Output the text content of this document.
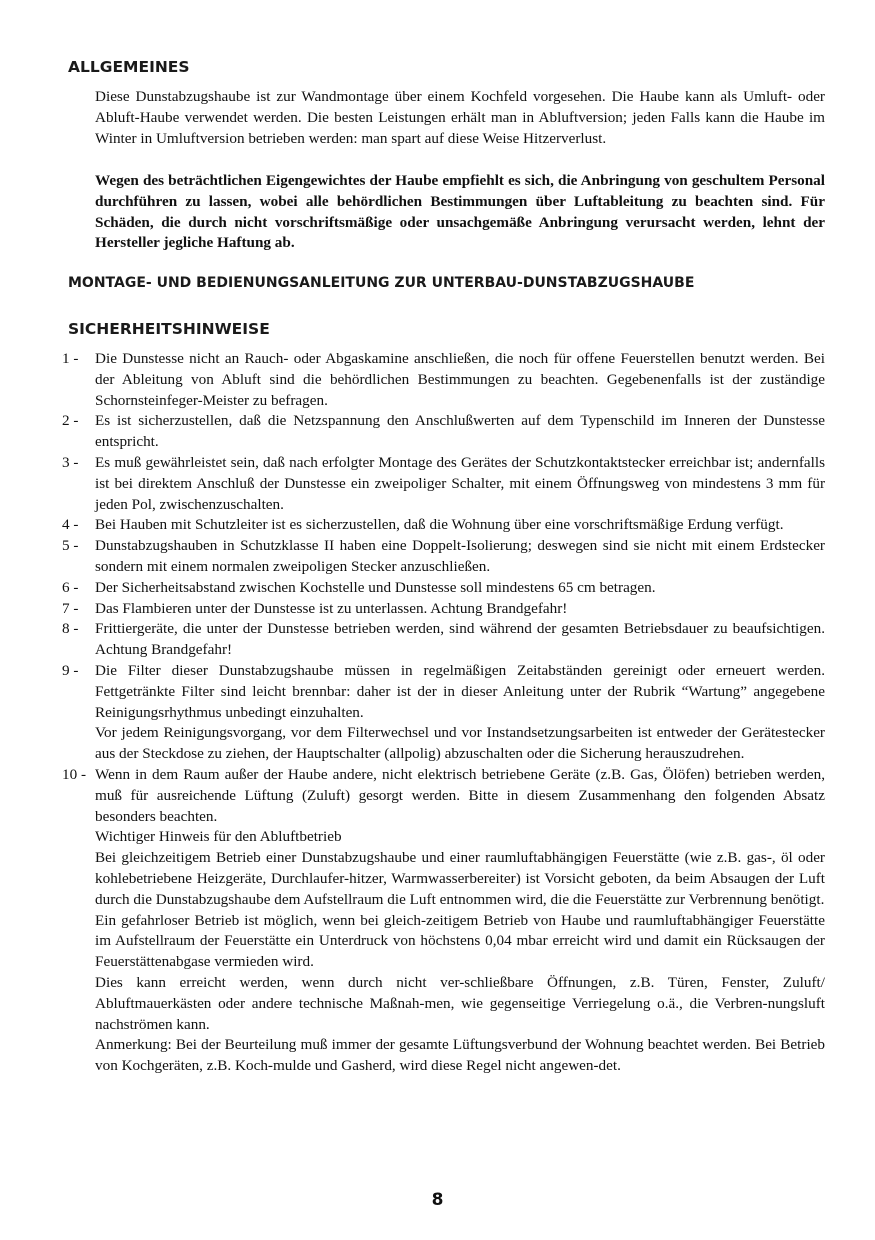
ALLGEMEINES

Diese Dunstabzugshaube ist zur Wandmontage über einem Kochfeld vorgesehen. Die Haube kann als Umluft- oder Abluft-Haube verwendet werden. Die besten Leistungen erhält man in Abluftversion; jeden Falls kann die Haube im Winter in Umluftversion betrieben werden: man spart auf diese Weise Hitzerverlust.

Wegen des beträchtlichen Eigengewichtes der Haube empfiehlt es sich, die Anbringung von geschultem Personal durchführen zu lassen, wobei alle behördlichen Bestimmungen über Luftableitung zu beachten sind. Für Schäden, die durch nicht vorschriftsmäßige oder unsachgemäße Anbringung verursacht werden, lehnt der Hersteller jegliche Haftung ab.

MONTAGE- UND BEDIENUNGSANLEITUNG ZUR UNTERBAU-DUNSTABZUGSHAUBE
SICHERHEITSHINWEISE
1 - Die Dunstesse nicht an Rauch- oder Abgaskamine anschließen, die noch für offene Feuerstellen benutzt werden. Bei der Ableitung von Abluft sind die behördlichen Bestimmungen zu beachten. Gegebenenfalls ist der zuständige Schornsteinfeger-Meister zu befragen.

2 - Es ist sicherzustellen, daß die Netzspannung den Anschlußwerten auf dem Typenschild im Inneren der Dunstesse entspricht.

3 - Es muß gewährleistet sein, daß nach erfolgter Montage des Gerätes der Schutzkontaktstecker erreichbar ist; andernfalls ist bei direktem Anschluß der Dunstesse ein zweipoliger Schalter, mit einem Öffnungsweg von mindestens 3 mm für jeden Pol, zwischenzuschalten.

4 - Bei Hauben mit Schutzleiter ist es sicherzustellen, daß die Wohnung über eine vorschriftsmäßige Erdung verfügt.

5 - Dunstabzugshauben in Schutzklasse II haben eine Doppelt-Isolierung; deswegen sind sie nicht mit einem Erdstecker sondern mit einem normalen zweipoligen Stecker anzuschließen.

6 - Der Sicherheitsabstand zwischen Kochstelle und Dunstesse soll mindestens 65 cm betragen.

7 - Das Flambieren unter der Dunstesse ist zu unterlassen. Achtung Brandgefahr!

8 - Frittiergeräte, die unter der Dunstesse betrieben werden, sind während der gesamten Betriebsdauer zu beaufsichtigen. Achtung Brandgefahr!

9 - Die Filter dieser Dunstabzugshaube müssen in regelmäßigen Zeitabständen gereinigt oder erneuert werden. Fettgetränkte Filter sind leicht brennbar: daher ist der in dieser Anleitung unter der Rubrik “Wartung” angegebene Reinigungsrhythmus unbedingt einzuhalten.

Vor jedem Reinigungsvorgang, vor dem Filterwechsel und vor Instandsetzungsarbeiten ist entweder der Gerätestecker aus der Steckdose zu ziehen, der Hauptschalter (allpolig) abzuschalten oder die Sicherung herauszudrehen.

10 - Wenn in dem Raum außer der Haube andere, nicht elektrisch betriebene Geräte (z.B. Gas, Ölöfen) betrieben werden, muß für ausreichende Lüftung (Zuluft) gesorgt werden. Bitte in diesem Zusammenhang den folgenden Absatz besonders beachten.

Wichtiger Hinweis für den Abluftbetrieb

Bei gleichzeitigem Betrieb einer Dunstabzugshaube und einer raumluftabhängigen Feuerstätte (wie z.B. gas-, öl oder kohlebetriebene Heizgeräte, Durchlaufer-hitzer, Warmwasserbereiter) ist Vorsicht geboten, da beim Absaugen der Luft durch die Dunstabzugshaube dem Aufstellraum die Luft entnommen wird, die die Feuerstätte zur Verbrennung benötigt.

Ein gefahrloser Betrieb ist möglich, wenn bei gleich-zeitigem Betrieb von Haube und raumluftabhängiger Feuerstätte im Aufstellraum der Feuerstätte ein Unterdruck von höchstens 0,04 mbar erreicht wird und damit ein Rücksaugen der Feuerstättenabgase vermieden wird.

Dies kann erreicht werden, wenn durch nicht ver-schließbare Öffnungen, z.B. Türen, Fenster, Zuluft/ Abluftmauerkästen oder andere technische Maßnah-men, wie gegenseitige Verriegelung o.ä., die Verbren-nungsluft nachströmen kann.

Anmerkung: Bei der Beurteilung muß immer der gesamte Lüftungsverbund der Wohnung beachtet werden. Bei Betrieb von Kochgeräten, z.B. Koch-mulde und Gasherd, wird diese Regel nicht angewen-det.

8
